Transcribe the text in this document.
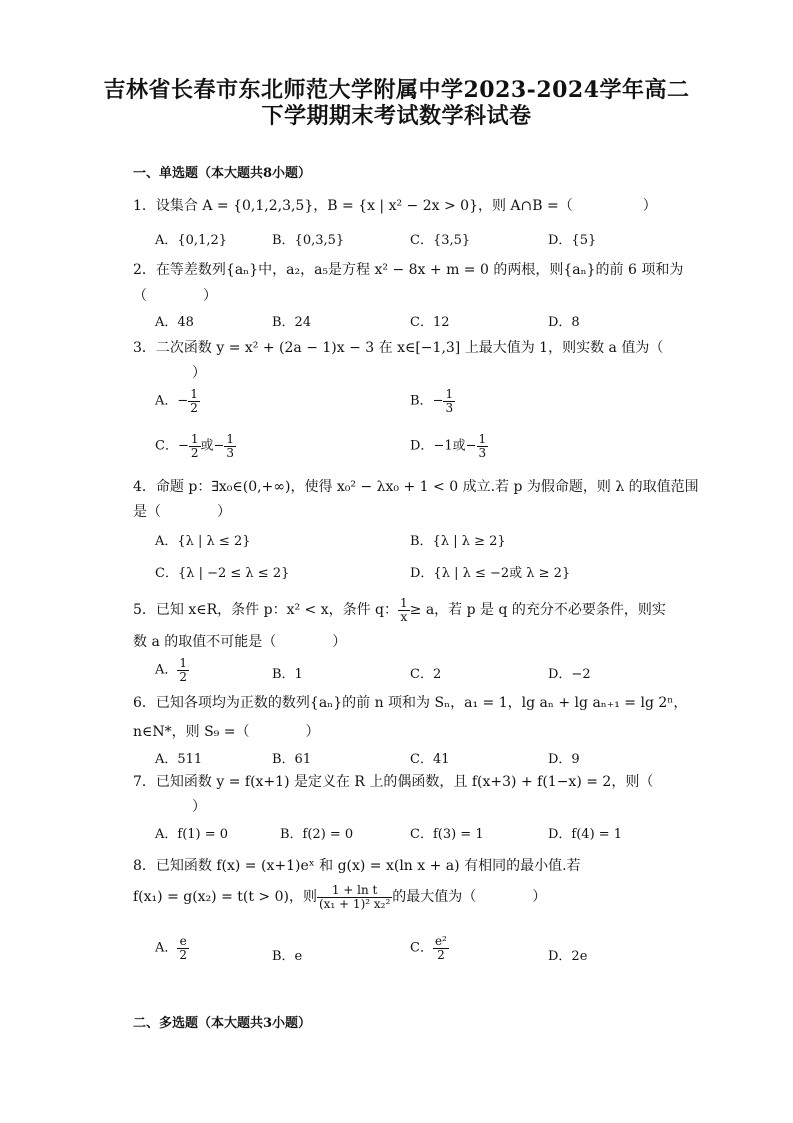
吉林省长春市东北师范大学附属中学2023-2024学年高二
下学期期末考试数学科试卷
一、单选题（本大题共8小题）
1．设集合 A = {0,1,2,3,5}，B = {x | x² − 2x > 0}，则 A∩B =（　　　　　）
A．{0,1,2}	B．{0,3,5}	C．{3,5}	D．{5}
2．在等差数列{aₙ}中，a₂，a₅是方程 x² − 8x + m = 0 的两根，则{aₙ}的前 6 项和为
（　　　　）
A．48	B．24	C．12	D．8
3．二次函数 y = x² + (2a − 1)x − 3 在 x∈[−1,3] 上最大值为 1，则实数 a 值为（
）
A．− $\frac{1}{2}$	B．− $\frac{1}{3}$
C．− $\frac{1}{2}$ 或− $\frac{1}{3}$	D．−1或− $\frac{1}{3}$
4．命题 p：∃x₀∈(0,+∞)，使得 x₀² − λx₀ + 1 < 0 成立.若 p 为假命题，则 λ 的取值范围
是（　　　　）
A．{λ | λ ≤ 2}	B．{λ | λ ≥ 2}
C．{λ | −2 ≤ λ ≤ 2}	D．{λ | λ ≤ −2或 λ ≥ 2}
5．已知 x∈R，条件 p：x² < x，条件 q： $\frac{1}{x} \ge a$，若 p 是 q 的充分不必要条件，则实
数 a 的取值不可能是（　　　　）
A． $\frac{1}{2}$	B．1	C．2	D．−2
6．已知各项均为正数的数列{aₙ}的前 n 项和为 Sₙ，a₁ = 1，lg aₙ + lg aₙ₊₁ = lg 2ⁿ，
n∈N*，则 S₉ =（　　　　）
A．511	B．61	C．41	D．9
7．已知函数 y = f(x+1) 是定义在 R 上的偶函数，且 f(x+3) + f(1−x) = 2，则（
）
A．f(1) = 0	B．f(2) = 0	C．f(3) = 1	D．f(4) = 1
8．已知函数 f(x) = (x+1)eˣ 和 g(x) = x(ln x + a) 有相同的最小值.若
f(x₁) = g(x₂) = t(t > 0)，则 $\frac{\text{1 + ln t}}{\text{(x₁ + 1)² x₂²}}$ 的最大值为（　　　　）
A． $\frac{e}{2}$	B．e
C． $\frac{\text{e²}}{2}$	D．2e
二、多选题（本大题共3小题）
